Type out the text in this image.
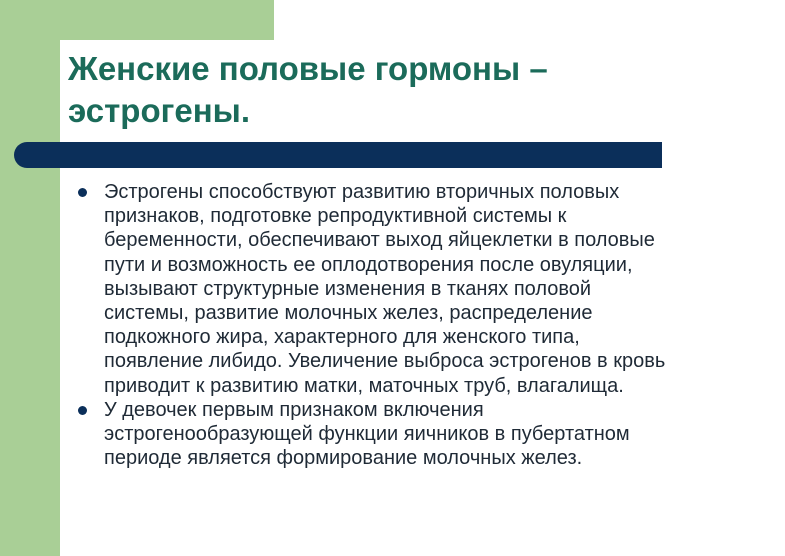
Женские половые гормоны –
эстрогены.
Эстрогены способствуют развитию вторичных половых
признаков, подготовке репродуктивной системы к
беременности, обеспечивают выход яйцеклетки в половые
пути и возможность ее оплодотворения после овуляции,
вызывают структурные изменения в тканях половой
системы, развитие молочных желез, распределение
подкожного жира, характерного для женского типа,
появление либидо. Увеличение выброса эстрогенов в кровь
приводит к развитию матки, маточных труб, влагалища.
У девочек первым признаком включения
эстрогенообразующей функции яичников в пубертатном
периоде является формирование молочных желез.
